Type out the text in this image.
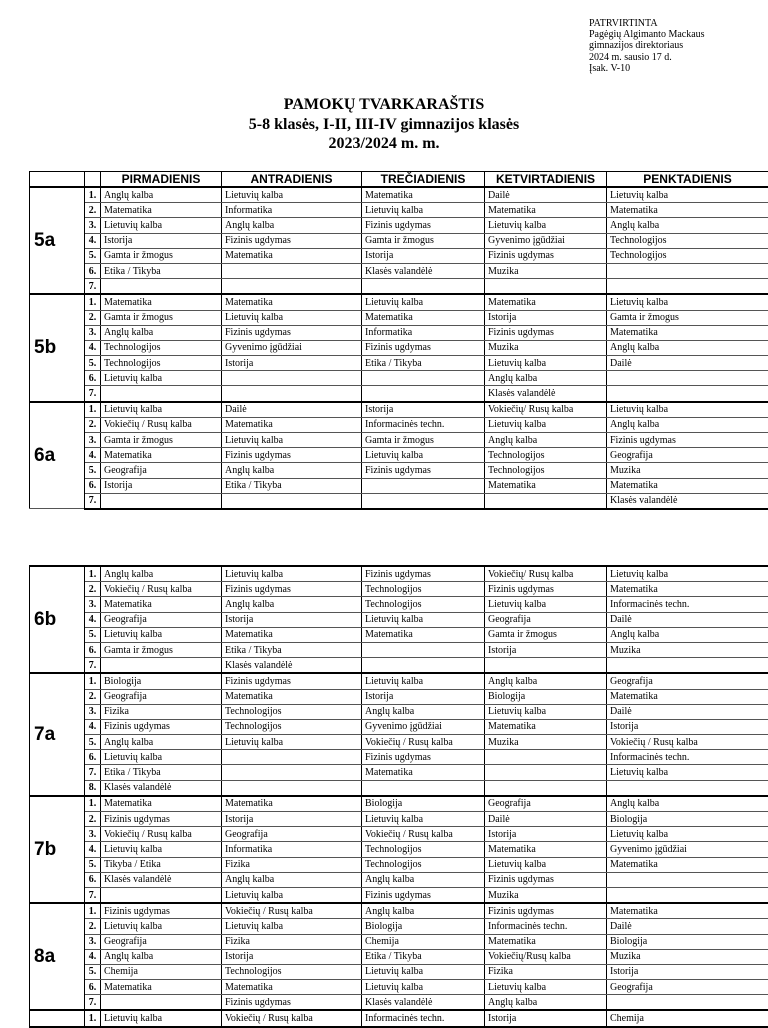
PATRVIRTINTA
Pagėgių Algimanto Mackaus
gimnazijos direktoriaus
2024 m. sausio 17 d.
Įsak. V-10
PAMOKŲ TVARKARAŠTIS
5-8 klasės, I-II, III-IV gimnazijos klasės
2023/2024 m. m.
		PIRMADIENIS	ANTRADIENIS	TREČIADIENIS	KETVIRTADIENIS	PENKTADIENIS
5a	1.	Anglų kalba	Lietuvių kalba	Matematika	Dailė	Lietuvių kalba
	2.	Matematika	Informatika	Lietuvių kalba	Matematika	Matematika
	3.	Lietuvių kalba	Anglų kalba	Fizinis ugdymas	Lietuvių kalba	Anglų kalba
	4.	Istorija	Fizinis ugdymas	Gamta ir žmogus	Gyvenimo įgūdžiai	Technologijos
	5.	Gamta ir žmogus	Matematika	Istorija	Fizinis ugdymas	Technologijos
	6.	Etika / Tikyba		Klasės valandėlė	Muzika	
	7.					
5b	1.	Matematika	Matematika	Lietuvių kalba	Matematika	Lietuvių kalba
	2.	Gamta ir žmogus	Lietuvių kalba	Matematika	Istorija	Gamta ir žmogus
	3.	Anglų kalba	Fizinis ugdymas	Informatika	Fizinis ugdymas	Matematika
	4.	Technologijos	Gyvenimo įgūdžiai	Fizinis ugdymas	Muzika	Anglų kalba
	5.	Technologijos	Istorija	Etika / Tikyba	Lietuvių kalba	Dailė
	6.	Lietuvių kalba			Anglų kalba	
	7.				Klasės valandėlė	
6a	1.	Lietuvių kalba	Dailė	Istorija	Vokiečių/ Rusų kalba	Lietuvių kalba
	2.	Vokiečių / Rusų kalba	Matematika	Informacinės techn.	Lietuvių kalba	Anglų kalba
	3.	Gamta ir žmogus	Lietuvių kalba	Gamta ir žmogus	Anglų kalba	Fizinis ugdymas
	4.	Matematika	Fizinis ugdymas	Lietuvių kalba	Technologijos	Geografija
	5.	Geografija	Anglų kalba	Fizinis ugdymas	Technologijos	Muzika
	6.	Istorija	Etika / Tikyba		Matematika	Matematika
	7.					Klasės valandėlė
6b	1.	Anglų kalba	Lietuvių kalba	Fizinis ugdymas	Vokiečių/ Rusų kalba	Lietuvių kalba
	2.	Vokiečių / Rusų kalba	Fizinis ugdymas	Technologijos	Fizinis ugdymas	Matematika
	3.	Matematika	Anglų kalba	Technologijos	Lietuvių kalba	Informacinės techn.
	4.	Geografija	Istorija	Lietuvių kalba	Geografija	Dailė
	5.	Lietuvių kalba	Matematika	Matematika	Gamta ir žmogus	Anglų kalba
	6.	Gamta ir žmogus	Etika / Tikyba		Istorija	Muzika
	7.		Klasės valandėlė			
7a	1.	Biologija	Fizinis ugdymas	Lietuvių kalba	Anglų kalba	Geografija
	2.	Geografija	Matematika	Istorija	Biologija	Matematika
	3.	Fizika	Technologijos	Anglų kalba	Lietuvių kalba	Dailė
	4.	Fizinis ugdymas	Technologijos	Gyvenimo įgūdžiai	Matematika	Istorija
	5.	Anglų kalba	Lietuvių kalba	Vokiečių / Rusų kalba	Muzika	Vokiečių / Rusų kalba
	6.	Lietuvių kalba		Fizinis ugdymas		Informacinės techn.
	7.	Etika / Tikyba		Matematika		Lietuvių kalba
	8.	Klasės valandėlė				
7b	1.	Matematika	Matematika	Biologija	Geografija	Anglų kalba
	2.	Fizinis ugdymas	Istorija	Lietuvių kalba	Dailė	Biologija
	3.	Vokiečių / Rusų kalba	Geografija	Vokiečių / Rusų kalba	Istorija	Lietuvių kalba
	4.	Lietuvių kalba	Informatika	Technologijos	Matematika	Gyvenimo įgūdžiai
	5.	Tikyba / Etika	Fizika	Technologijos	Lietuvių kalba	Matematika
	6.	Klasės valandėlė	Anglų kalba	Anglų kalba	Fizinis ugdymas	
	7.		Lietuvių kalba	Fizinis ugdymas	Muzika	
8a	1.	Fizinis ugdymas	Vokiečių / Rusų kalba	Anglų kalba	Fizinis ugdymas	Matematika
	2.	Lietuvių kalba	Lietuvių kalba	Biologija	Informacinės techn.	Dailė
	3.	Geografija	Fizika	Chemija	Matematika	Biologija
	4.	Anglų kalba	Istorija	Etika / Tikyba	Vokiečių/Rusų kalba	Muzika
	5.	Chemija	Technologijos	Lietuvių kalba	Fizika	Istorija
	6.	Matematika	Matematika	Lietuvių kalba	Lietuvių kalba	Geografija
	7.		Fizinis ugdymas	Klasės valandėlė	Anglų kalba	
	1.	Lietuvių kalba	Vokiečių / Rusų kalba	Informacinės techn.	Istorija	Chemija
